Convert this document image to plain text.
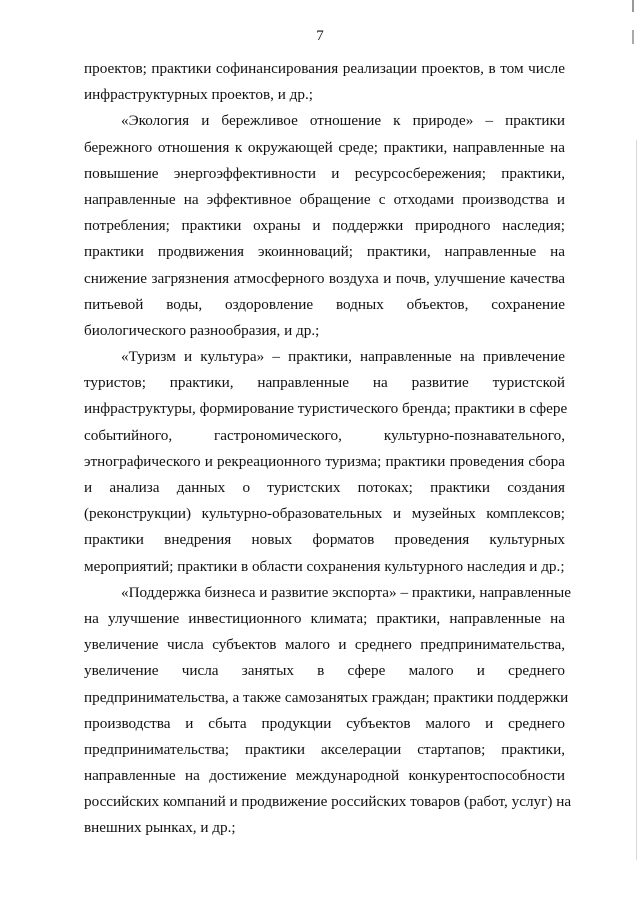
7
проектов; практики софинансирования реализации проектов, в том числе
инфраструктурных проектов, и др.;
«Экология и бережливое отношение к природе» – практики
бережного отношения к окружающей среде; практики, направленные на
повышение энергоэффективности и ресурсосбережения; практики,
направленные на эффективное обращение с отходами производства и
потребления; практики охраны и поддержки природного наследия;
практики продвижения экоинноваций; практики, направленные на
снижение загрязнения атмосферного воздуха и почв, улучшение качества
питьевой воды, оздоровление водных объектов, сохранение
биологического разнообразия, и др.;
«Туризм и культура» – практики, направленные на привлечение
туристов; практики, направленные на развитие туристской
инфраструктуры, формирование туристического бренда; практики в сфере
событийного, гастрономического, культурно-познавательного,
этнографического и рекреационного туризма; практики проведения сбора
и анализа данных о туристских потоках; практики создания
(реконструкции) культурно-образовательных и музейных комплексов;
практики внедрения новых форматов проведения культурных
мероприятий; практики в области сохранения культурного наследия и др.;
«Поддержка бизнеса и развитие экспорта» – практики, направленные
на улучшение инвестиционного климата; практики, направленные на
увеличение числа субъектов малого и среднего предпринимательства,
увеличение числа занятых в сфере малого и среднего
предпринимательства, а также самозанятых граждан; практики поддержки
производства и сбыта продукции субъектов малого и среднего
предпринимательства; практики акселерации стартапов; практики,
направленные на достижение международной конкурентоспособности
российских компаний и продвижение российских товаров (работ, услуг) на
внешних рынках, и др.;
